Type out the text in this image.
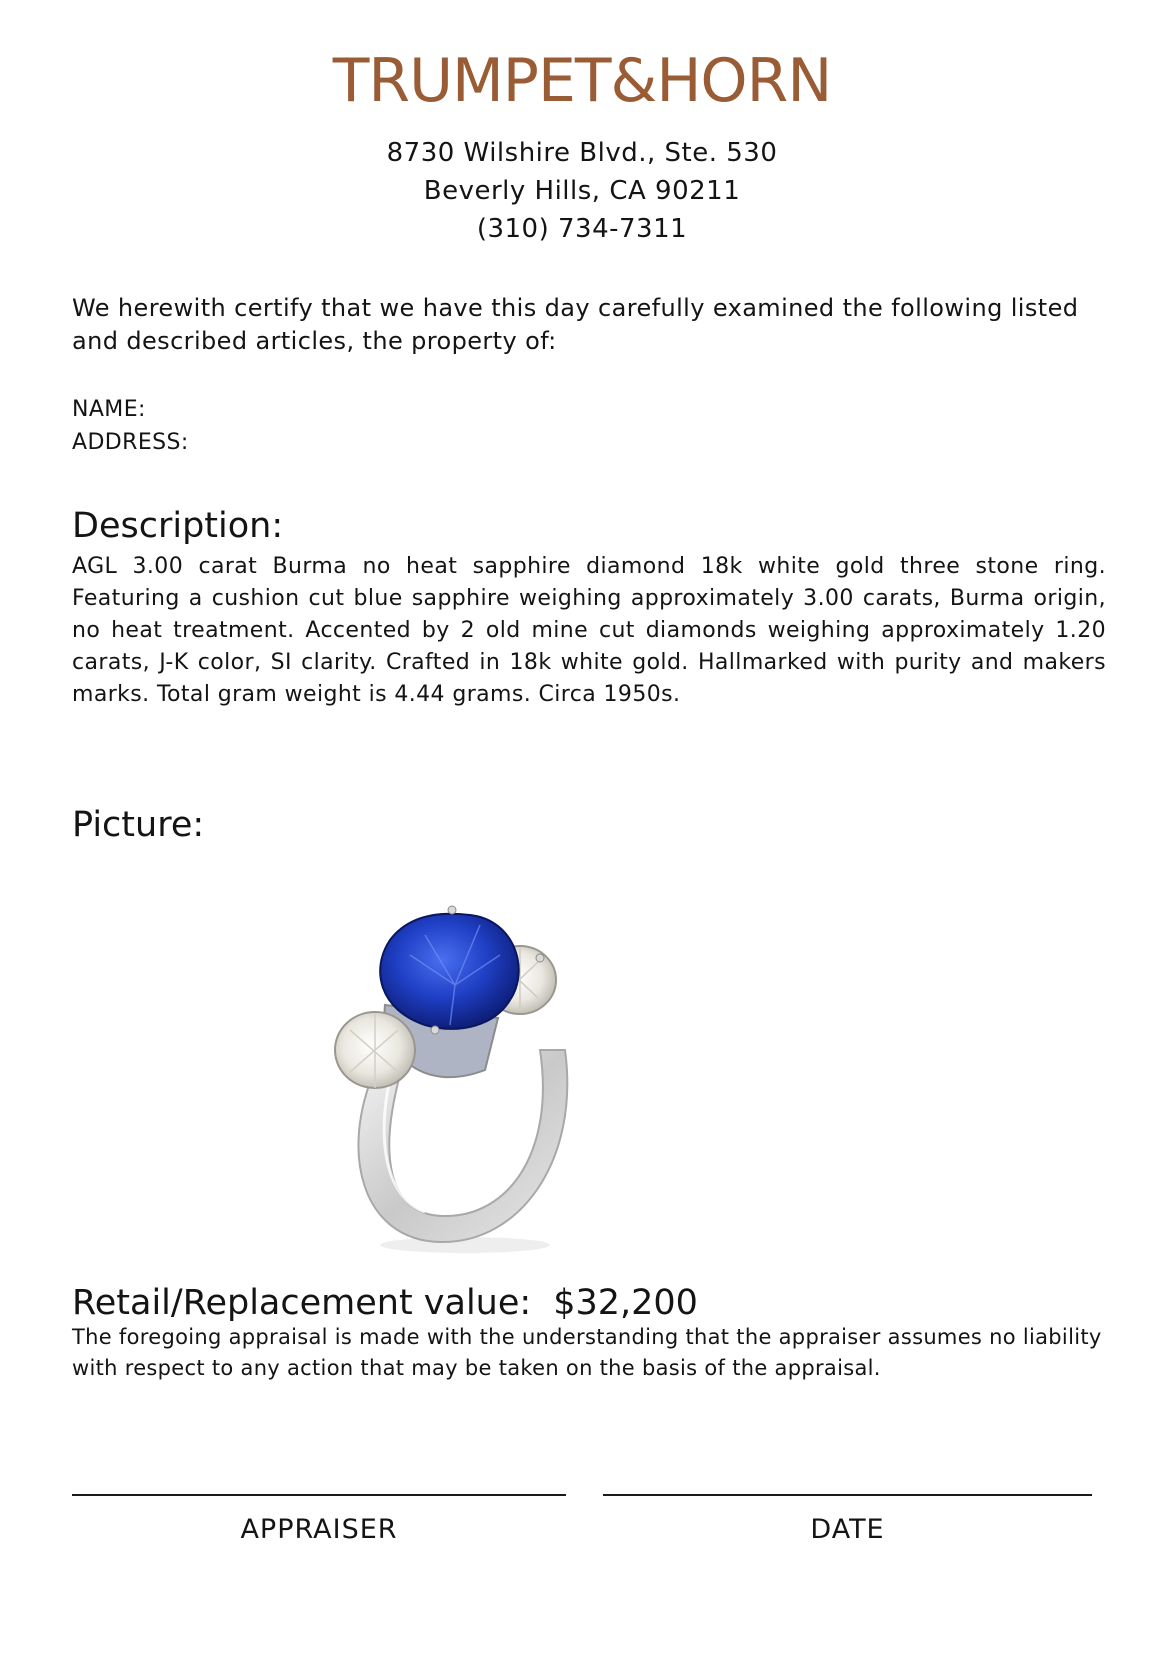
TRUMPET&HORN
8730 Wilshire Blvd., Ste. 530
Beverly Hills, CA 90211
(310) 734-7311
We herewith certify that we have this day carefully examined the following listed and described articles, the property of:
NAME:
ADDRESS:
Description:
AGL 3.00 carat Burma no heat sapphire diamond 18k white gold three stone ring. Featuring a cushion cut blue sapphire weighing approximately 3.00 carats, Burma origin, no heat treatment. Accented by 2 old mine cut diamonds weighing approximately 1.20 carats, J-K color, SI clarity. Crafted in 18k white gold. Hallmarked with purity and makers marks. Total gram weight is 4.44 grams. Circa 1950s.
Picture:
Retail/Replacement value: $32,200
The foregoing appraisal is made with the understanding that the appraiser assumes no liability with respect to any action that may be taken on the basis of the appraisal.
APPRAISER	DATE
